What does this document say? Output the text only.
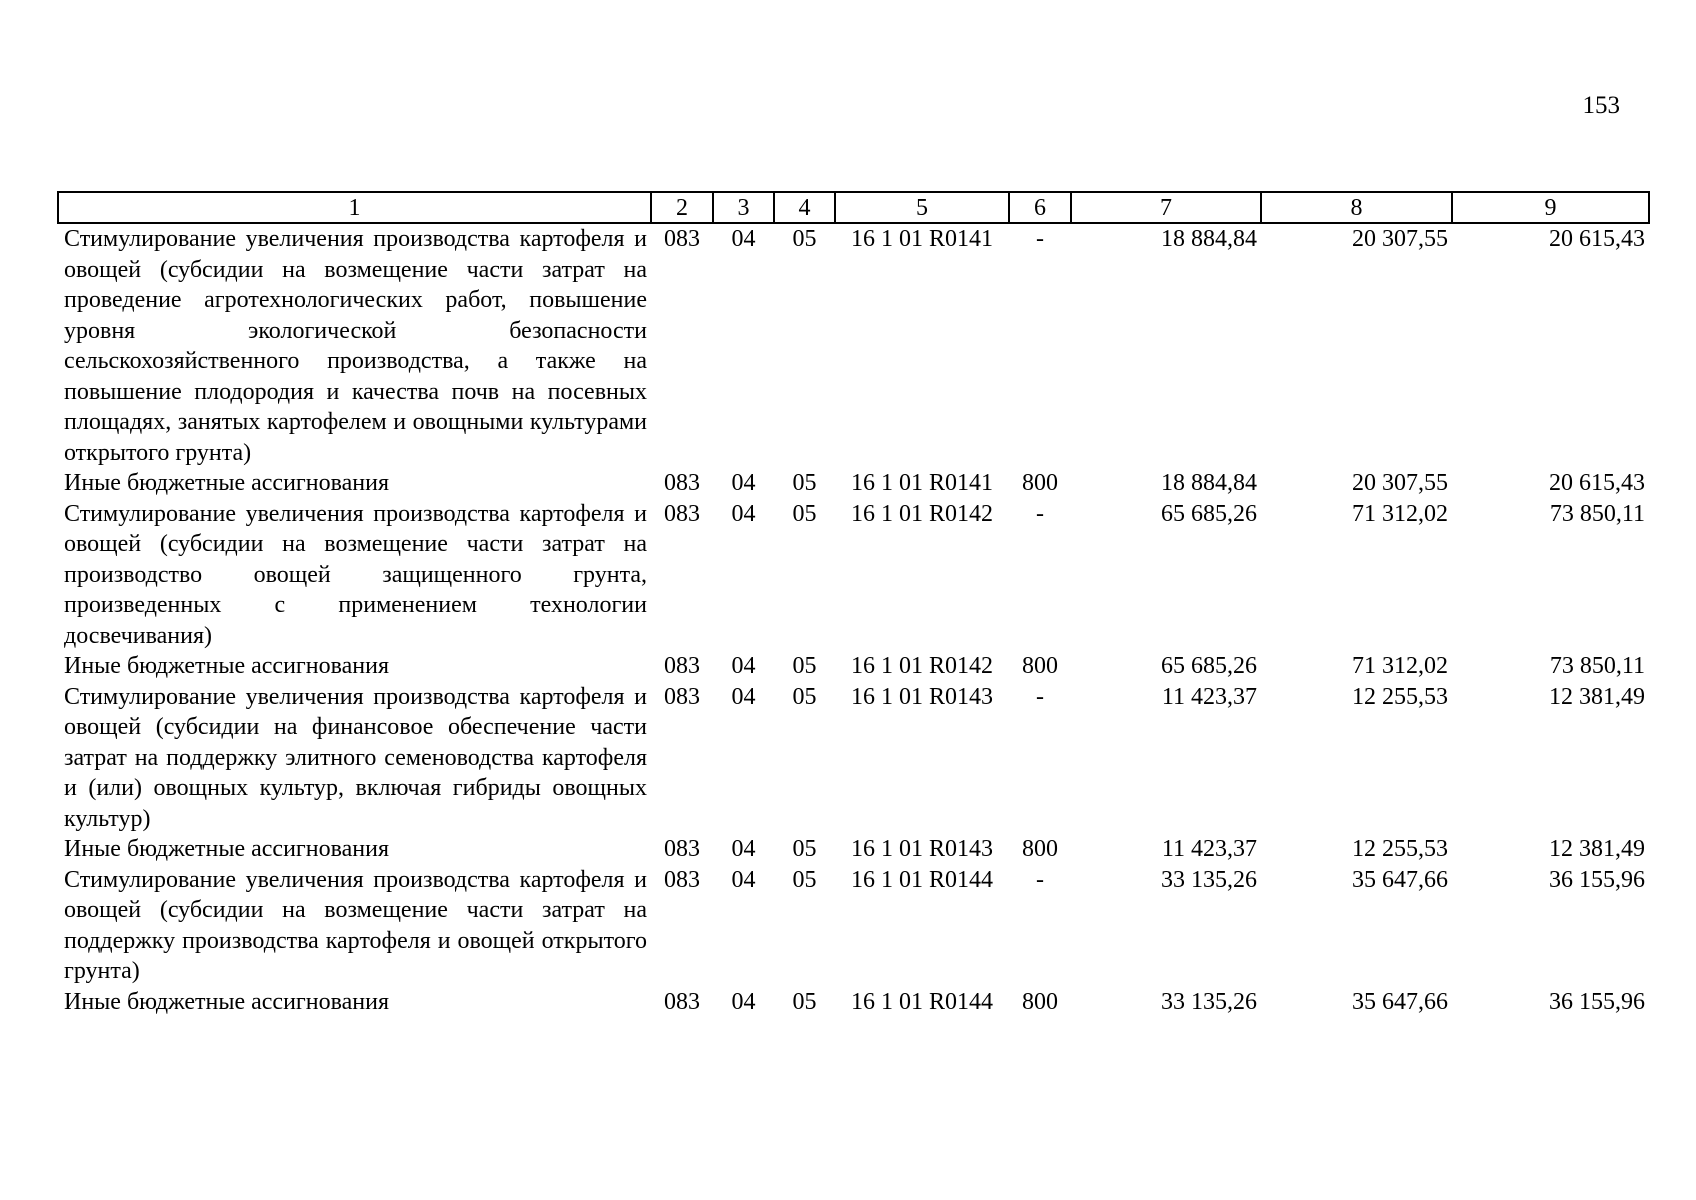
153
1	2	3	4	5	6	7	8	9
Стимулирование увеличения производства картофеля и овощей (субсидии на возмещение части затрат на проведение агротехнологических работ, повышение уровня экологической безопасности сельскохозяйственного производства, а также на повышение плодородия и качества почв на посевных площадях, занятых картофелем и овощными культурами открытого грунта)	083	04	05	16 1 01 R0141	-	18 884,84	20 307,55	20 615,43
Иные бюджетные ассигнования	083	04	05	16 1 01 R0141	800	18 884,84	20 307,55	20 615,43
Стимулирование увеличения производства картофеля и овощей (субсидии на возмещение части затрат на производство овощей защищенного грунта, произведенных с применением технологии досвечивания)	083	04	05	16 1 01 R0142	-	65 685,26	71 312,02	73 850,11
Иные бюджетные ассигнования	083	04	05	16 1 01 R0142	800	65 685,26	71 312,02	73 850,11
Стимулирование увеличения производства картофеля и овощей (субсидии на финансовое обеспечение части затрат на поддержку элитного семеноводства картофеля и (или) овощных культур, включая гибриды овощных культур)	083	04	05	16 1 01 R0143	-	11 423,37	12 255,53	12 381,49
Иные бюджетные ассигнования	083	04	05	16 1 01 R0143	800	11 423,37	12 255,53	12 381,49
Стимулирование увеличения производства картофеля и овощей (субсидии на возмещение части затрат на поддержку производства картофеля и овощей открытого грунта)	083	04	05	16 1 01 R0144	-	33 135,26	35 647,66	36 155,96
Иные бюджетные ассигнования	083	04	05	16 1 01 R0144	800	33 135,26	35 647,66	36 155,96
